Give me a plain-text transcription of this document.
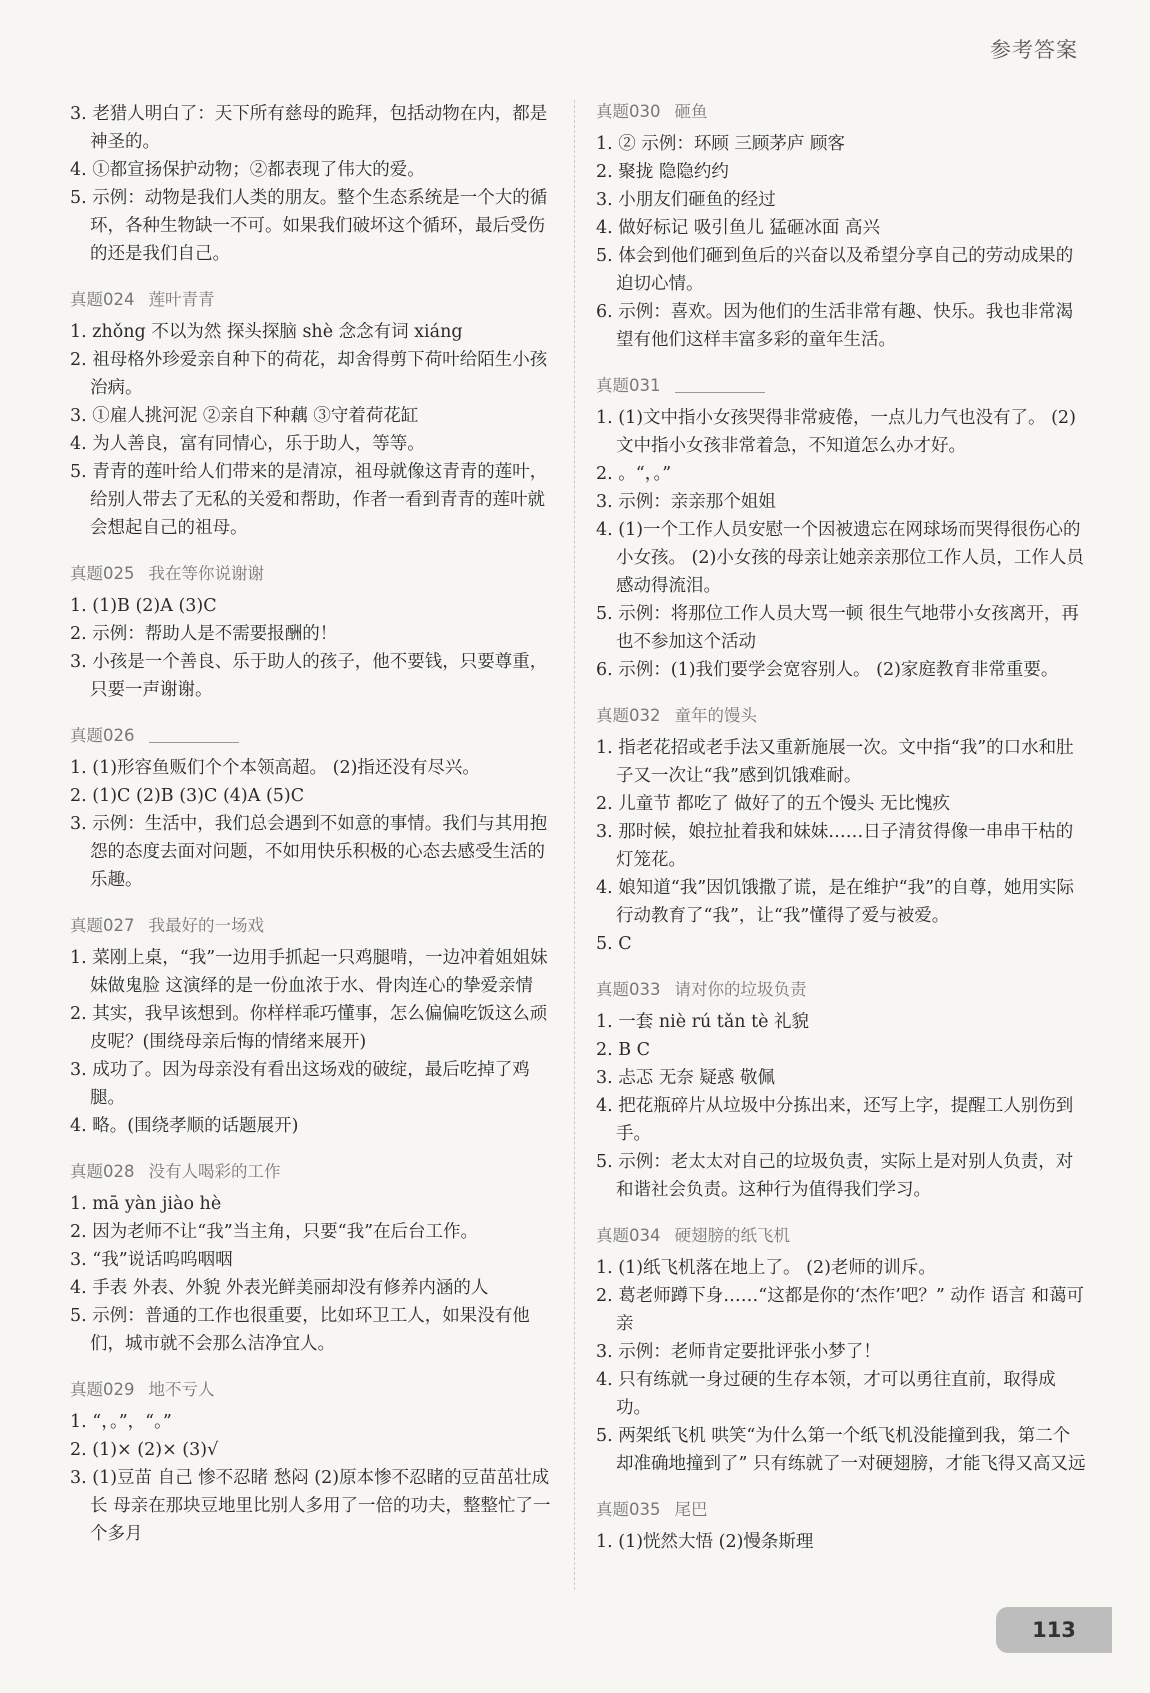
参考答案

3. 老猎人明白了：天下所有慈母的跪拜，包括动物在内，都是神圣的。

4. ①都宣扬保护动物；②都表现了伟大的爱。

5. 示例：动物是我们人类的朋友。整个生态系统是一个大的循环，各种生物缺一不可。如果我们破坏这个循环，最后受伤的还是我们自己。

真题024 莲叶青青

1. zhǒng 不以为然 探头探脑 shè 念念有词 xiáng

2. 祖母格外珍爱亲自种下的荷花，却舍得剪下荷叶给陌生小孩治病。

3. ①雇人挑河泥 ②亲自下种藕 ③守着荷花缸

4. 为人善良，富有同情心，乐于助人，等等。

5. 青青的莲叶给人们带来的是清凉，祖母就像这青青的莲叶，给别人带去了无私的关爱和帮助，作者一看到青青的莲叶就会想起自己的祖母。

真题025 我在等你说谢谢

1. (1)B (2)A (3)C

2. 示例：帮助人是不需要报酬的！

3. 小孩是一个善良、乐于助人的孩子，他不要钱，只要尊重，只要一声谢谢。

真题026

1. (1)形容鱼贩们个个本领高超。 (2)指还没有尽兴。

2. (1)C (2)B (3)C (4)A (5)C

3. 示例：生活中，我们总会遇到不如意的事情。我们与其用抱怨的态度去面对问题，不如用快乐积极的心态去感受生活的乐趣。

真题027 我最好的一场戏

1. 菜刚上桌，“我”一边用手抓起一只鸡腿啃，一边冲着姐姐妹妹做鬼脸 这演绎的是一份血浓于水、骨肉连心的挚爱亲情

2. 其实，我早该想到。你样样乖巧懂事，怎么偏偏吃饭这么顽皮呢？(围绕母亲后悔的情绪来展开)

3. 成功了。因为母亲没有看出这场戏的破绽，最后吃掉了鸡腿。

4. 略。(围绕孝顺的话题展开)

真题028 没有人喝彩的工作

1. mā yàn jiào hè

2. 因为老师不让“我”当主角，只要“我”在后台工作。

3. “我”说话呜呜咽咽

4. 手表 外表、外貌 外表光鲜美丽却没有修养内涵的人

5. 示例：普通的工作也很重要，比如环卫工人，如果没有他们，城市就不会那么洁净宜人。

真题029 地不亏人

1. “，。”，“。”

2. (1)× (2)× (3)√

3. (1)豆苗 自己 惨不忍睹 愁闷 (2)原本惨不忍睹的豆苗茁壮成长 母亲在那块豆地里比别人多用了一倍的功夫，整整忙了一个多月

真题030 砸鱼

1. ② 示例：环顾 三顾茅庐 顾客

2. 聚拢 隐隐约约

3. 小朋友们砸鱼的经过

4. 做好标记 吸引鱼儿 猛砸冰面 高兴

5. 体会到他们砸到鱼后的兴奋以及希望分享自己的劳动成果的迫切心情。

6. 示例：喜欢。因为他们的生活非常有趣、快乐。我也非常渴望有他们这样丰富多彩的童年生活。

真题031

1. (1)文中指小女孩哭得非常疲倦，一点儿力气也没有了。 (2)文中指小女孩非常着急，不知道怎么办才好。

2. 。“，。”

3. 示例：亲亲那个姐姐

4. (1)一个工作人员安慰一个因被遗忘在网球场而哭得很伤心的小女孩。 (2)小女孩的母亲让她亲亲那位工作人员，工作人员感动得流泪。

5. 示例：将那位工作人员大骂一顿 很生气地带小女孩离开，再也不参加这个活动

6. 示例：(1)我们要学会宽容别人。 (2)家庭教育非常重要。

真题032 童年的馒头

1. 指老花招或老手法又重新施展一次。文中指“我”的口水和肚子又一次让“我”感到饥饿难耐。

2. 儿童节 都吃了 做好了的五个馒头 无比愧疚

3. 那时候，娘拉扯着我和妹妹……日子清贫得像一串串干枯的灯笼花。

4. 娘知道“我”因饥饿撒了谎，是在维护“我”的自尊，她用实际行动教育了“我”，让“我”懂得了爱与被爱。

5. C

真题033 请对你的垃圾负责

1. 一套 niè rú tǎn tè 礼貌

2. B C

3. 忐忑 无奈 疑惑 敬佩

4. 把花瓶碎片从垃圾中分拣出来，还写上字，提醒工人别伤到手。

5. 示例：老太太对自己的垃圾负责，实际上是对别人负责，对和谐社会负责。这种行为值得我们学习。

真题034 硬翅膀的纸飞机

1. (1)纸飞机落在地上了。 (2)老师的训斥。

2. 葛老师蹲下身……“这都是你的‘杰作’吧？” 动作 语言 和蔼可亲

3. 示例：老师肯定要批评张小梦了！

4. 只有练就一身过硬的生存本领，才可以勇往直前，取得成功。

5. 两架纸飞机 哄笑“为什么第一个纸飞机没能撞到我，第二个却准确地撞到了” 只有练就了一对硬翅膀，才能飞得又高又远

真题035 尾巴

1. (1)恍然大悟 (2)慢条斯理

113
